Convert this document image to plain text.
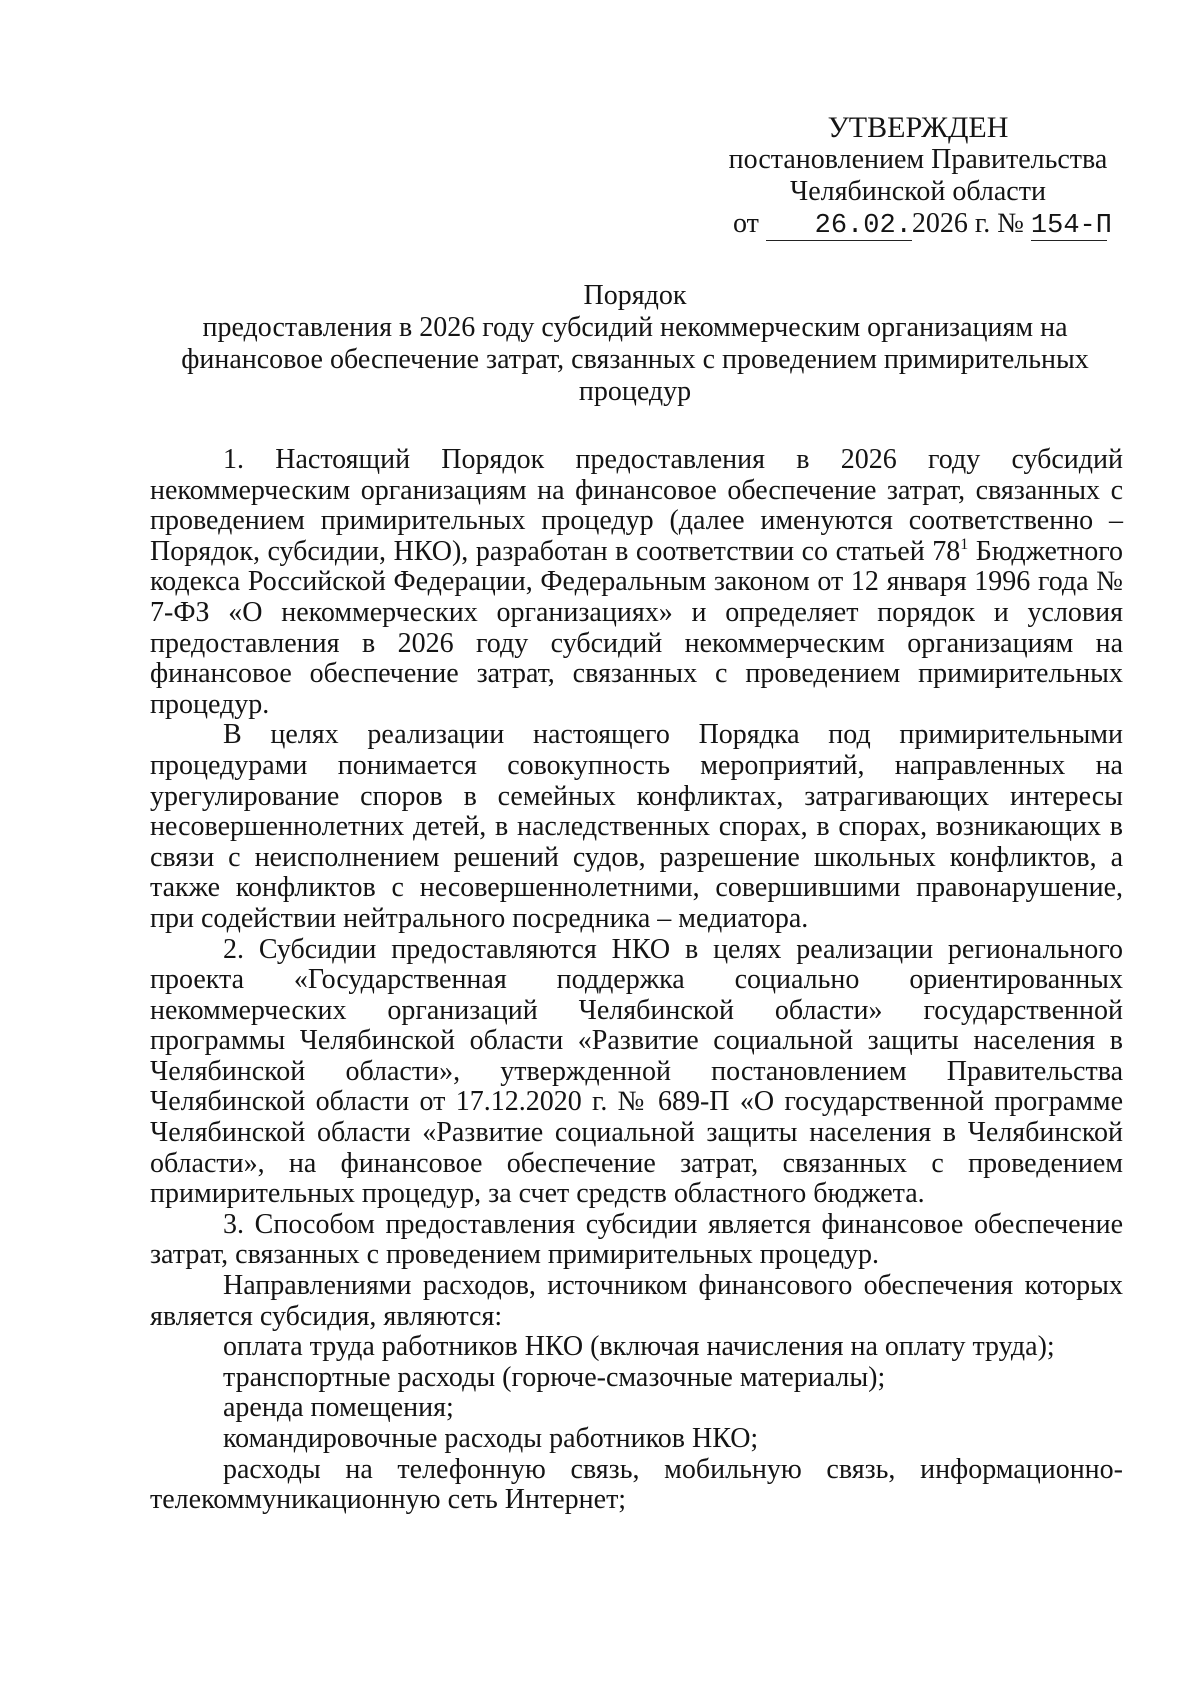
УТВЕРЖДЕН
постановлением Правительства
Челябинской области
от 26.02.2026 г. № 154-П
Порядок
предоставления в 2026 году субсидий некоммерческим организациям на
финансовое обеспечение затрат, связанных с проведением примирительных
процедур

1. Настоящий Порядок предоставления в 2026 году субсидий некоммерческим организациям на финансовое обеспечение затрат, связанных с проведением примирительных процедур (далее именуются соответственно – Порядок, субсидии, НКО), разработан в соответствии со статьей $78^1$ Бюджетного кодекса Российской Федерации, Федеральным законом от 12 января 1996 года № 7-ФЗ «О некоммерческих организациях» и определяет порядок и условия предоставления в 2026 году субсидий некоммерческим организациям на финансовое обеспечение затрат, связанных с проведением примирительных процедур.

В целях реализации настоящего Порядка под примирительными процедурами понимается совокупность мероприятий, направленных на урегулирование споров в семейных конфликтах, затрагивающих интересы несовершеннолетних детей, в наследственных спорах, в спорах, возникающих в связи с неисполнением решений судов, разрешение школьных конфликтов, а также конфликтов с несовершеннолетними, совершившими правонарушение, при содействии нейтрального посредника – медиатора.

2. Субсидии предоставляются НКО в целях реализации регионального проекта «Государственная поддержка социально ориентированных некоммерческих организаций Челябинской области» государственной программы Челябинской области «Развитие социальной защиты населения в Челябинской области», утвержденной постановлением Правительства Челябинской области от 17.12.2020 г. № 689-П «О государственной программе Челябинской области «Развитие социальной защиты населения в Челябинской области», на финансовое обеспечение затрат, связанных с проведением примирительных процедур, за счет средств областного бюджета.

3. Способом предоставления субсидии является финансовое обеспечение затрат, связанных с проведением примирительных процедур.

Направлениями расходов, источником финансового обеспечения которых является субсидия, являются:

оплата труда работников НКО (включая начисления на оплату труда);

транспортные расходы (горюче-смазочные материалы);

аренда помещения;

командировочные расходы работников НКО;

расходы на телефонную связь, мобильную связь, информационно-телекоммуникационную сеть Интернет;
